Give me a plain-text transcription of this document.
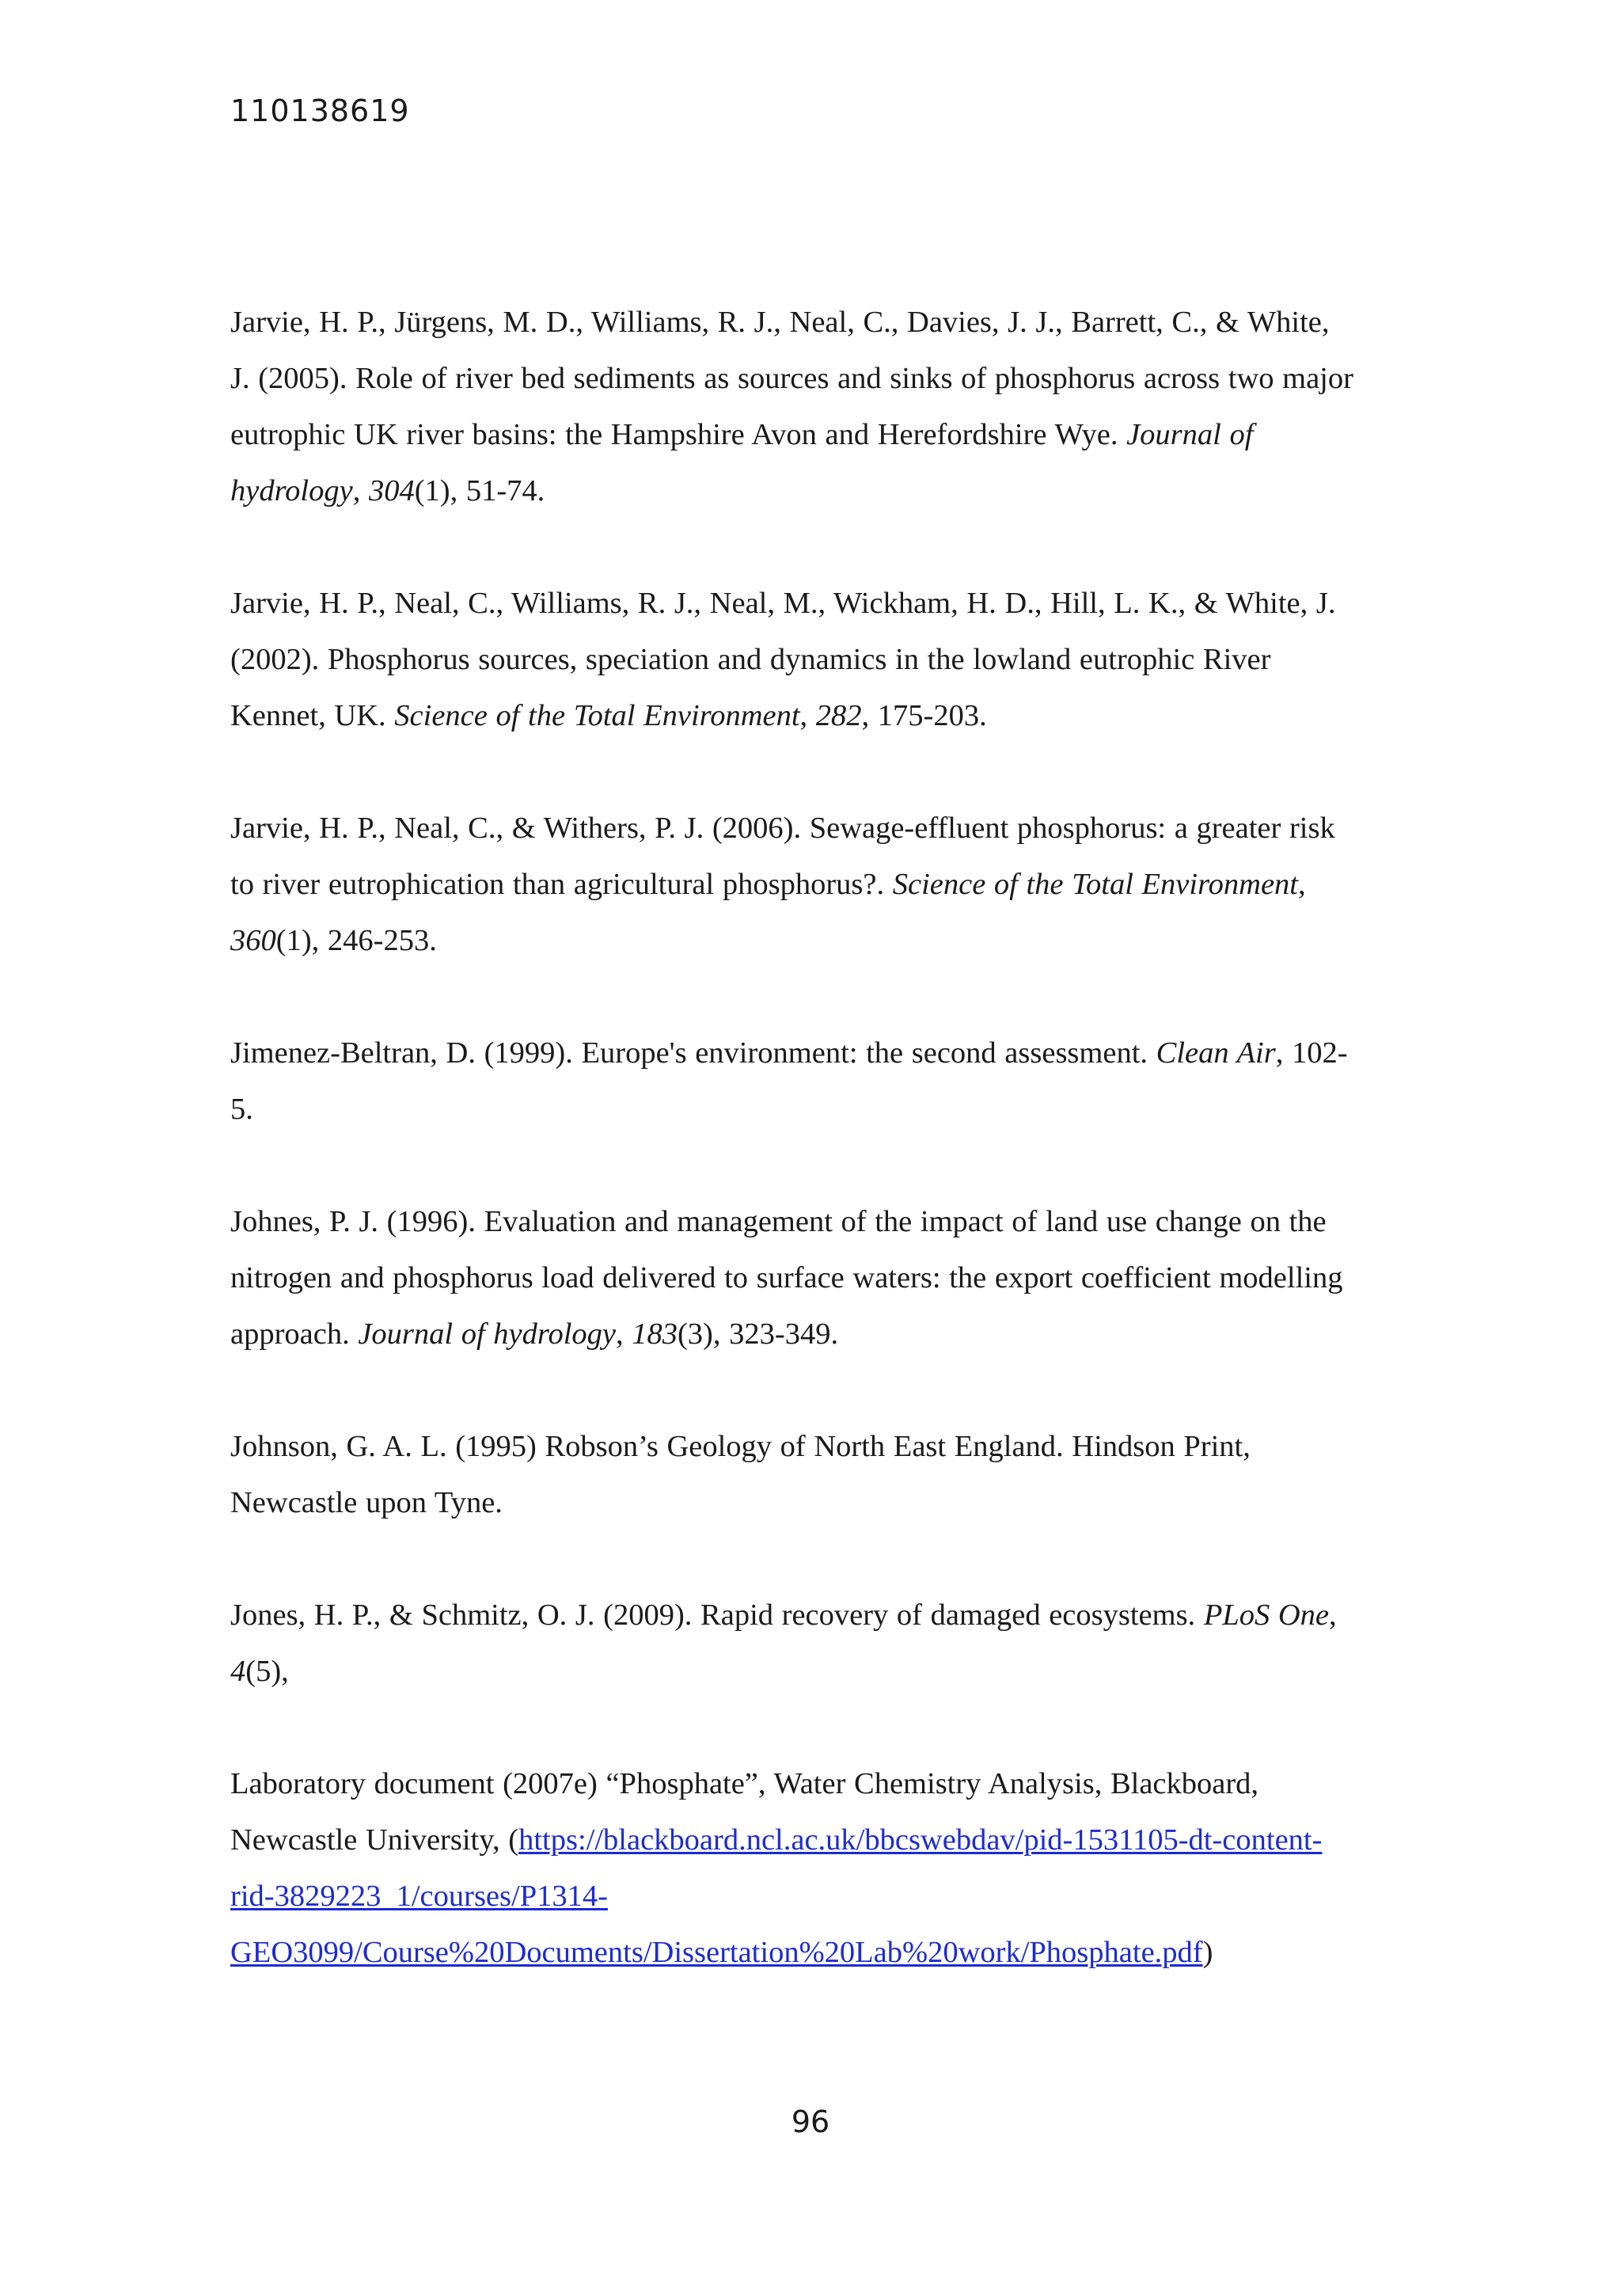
110138619
Jarvie, H. P., Jürgens, M. D., Williams, R. J., Neal, C., Davies, J. J., Barrett, C., & White,
J. (2005). Role of river bed sediments as sources and sinks of phosphorus across two major
eutrophic UK river basins: the Hampshire Avon and Herefordshire Wye. Journal of
hydrology, 304(1), 51-74.
Jarvie, H. P., Neal, C., Williams, R. J., Neal, M., Wickham, H. D., Hill, L. K., & White, J.
(2002). Phosphorus sources, speciation and dynamics in the lowland eutrophic River
Kennet, UK. Science of the Total Environment, 282, 175-203.
Jarvie, H. P., Neal, C., & Withers, P. J. (2006). Sewage-effluent phosphorus: a greater risk
to river eutrophication than agricultural phosphorus?. Science of the Total Environment,
360(1), 246-253.
Jimenez-Beltran, D. (1999). Europe's environment: the second assessment. Clean Air, 102-
5.
Johnes, P. J. (1996). Evaluation and management of the impact of land use change on the
nitrogen and phosphorus load delivered to surface waters: the export coefficient modelling
approach. Journal of hydrology, 183(3), 323-349.
Johnson, G. A. L. (1995) Robson’s Geology of North East England. Hindson Print,
Newcastle upon Tyne.
Jones, H. P., & Schmitz, O. J. (2009). Rapid recovery of damaged ecosystems. PLoS One,
4(5),
Laboratory document (2007e) “Phosphate”, Water Chemistry Analysis, Blackboard,
Newcastle University, (https://blackboard.ncl.ac.uk/bbcswebdav/pid-1531105-dt-content-
rid-3829223_1/courses/P1314-
GEO3099/Course%20Documents/Dissertation%20Lab%20work/Phosphate.pdf)
96
